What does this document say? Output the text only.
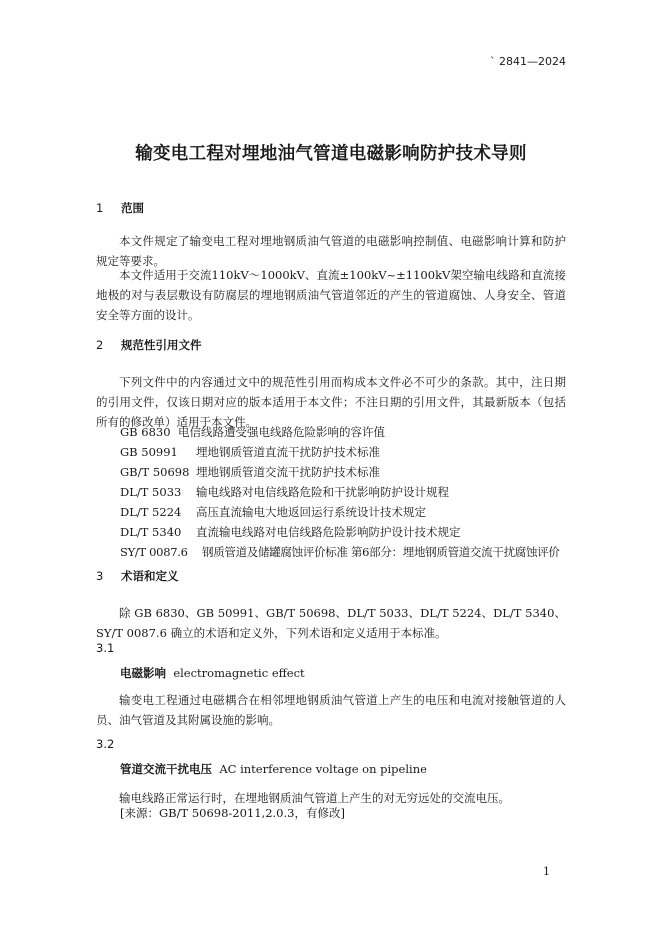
` 2841—2024
输变电工程对埋地油气管道电磁影响防护技术导则
1 范围
本文件规定了输变电工程对埋地钢质油气管道的电磁影响控制值、电磁影响计算和防护规定等要求。
本文件适用于交流110kV～1000kV、直流±100kV~±1100kV架空输电线路和直流接地极的对与表层敷设有防腐层的埋地钢质油气管道邻近的产生的管道腐蚀、人身安全、管道安全等方面的设计。
2 规范性引用文件
下列文件中的内容通过文中的规范性引用而构成本文件必不可少的条款。其中，注日期的引用文件，仅该日期对应的版本适用于本文件；不注日期的引用文件，其最新版本（包括所有的修改单）适用于本文件。
GB 6830 电信线路遭受强电线路危险影响的容许值
GB 50991 埋地钢质管道直流干扰防护技术标准
GB/T 50698 埋地钢质管道交流干扰防护技术标准
DL/T 5033 输电线路对电信线路危险和干扰影响防护设计规程
DL/T 5224 高压直流输电大地返回运行系统设计技术规定
DL/T 5340 直流输电线路对电信线路危险影响防护设计技术规定
SY/T 0087.6 钢质管道及储罐腐蚀评价标准 第6部分：埋地钢质管道交流干扰腐蚀评价
3 术语和定义
除 GB 6830、GB 50991、GB/T 50698、DL/T 5033、DL/T 5224、DL/T 5340、SY/T 0087.6 确立的术语和定义外，下列术语和定义适用于本标准。
3.1
电磁影响 electromagnetic effect
输变电工程通过电磁耦合在相邻埋地钢质油气管道上产生的电压和电流对接触管道的人员、油气管道及其附属设施的影响。
3.2
管道交流干扰电压 AC interference voltage on pipeline
输电线路正常运行时，在埋地钢质油气管道上产生的对无穷远处的交流电压。
[来源：GB/T 50698-2011,2.0.3，有修改]
1
